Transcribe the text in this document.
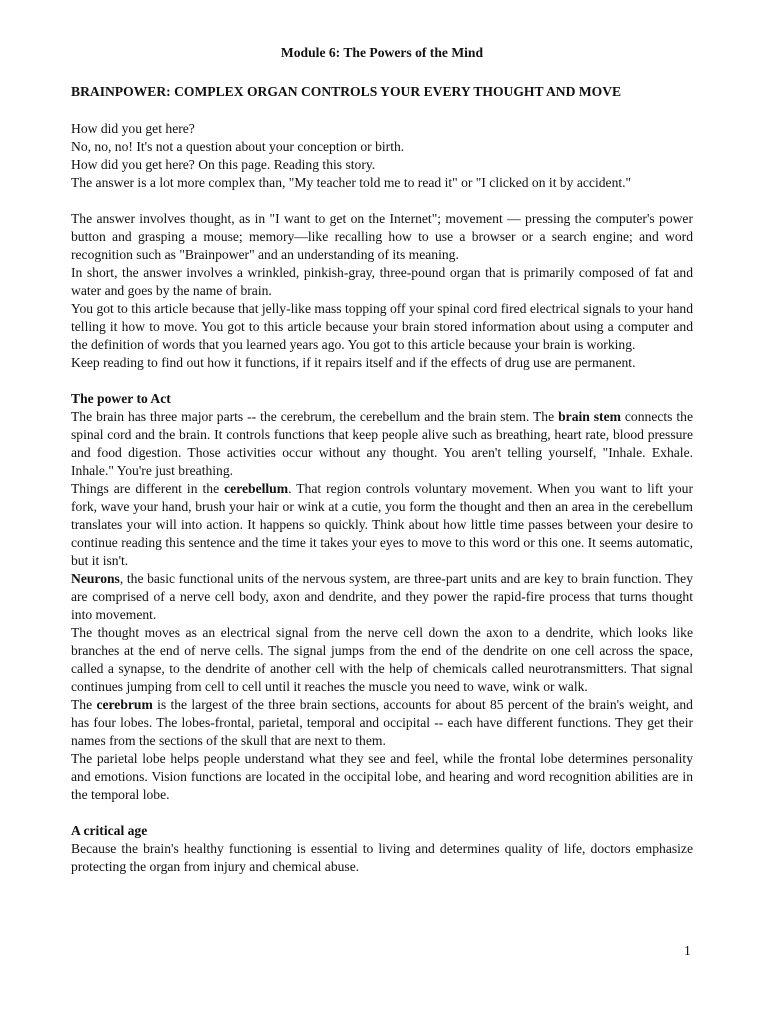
Module 6: The Powers of the Mind

BRAINPOWER: COMPLEX ORGAN CONTROLS YOUR EVERY THOUGHT AND MOVE

How did you get here?

No, no, no! It's not a question about your conception or birth.

How did you get here? On this page. Reading this story.

The answer is a lot more complex than, "My teacher told me to read it" or "I clicked on it by accident."

The answer involves thought, as in "I want to get on the Internet"; movement — pressing the computer's power button and grasping a mouse; memory—like recalling how to use a browser or a search engine; and word recognition such as "Brainpower" and an understanding of its meaning.

In short, the answer involves a wrinkled, pinkish-gray, three-pound organ that is primarily composed of fat and water and goes by the name of brain.

You got to this article because that jelly-like mass topping off your spinal cord fired electrical signals to your hand telling it how to move. You got to this article because your brain stored information about using a computer and the definition of words that you learned years ago. You got to this article because your brain is working.

Keep reading to find out how it functions, if it repairs itself and if the effects of drug use are permanent.

The power to Act

The brain has three major parts -- the cerebrum, the cerebellum and the brain stem. The brain stem connects the spinal cord and the brain. It controls functions that keep people alive such as breathing, heart rate, blood pressure and food digestion. Those activities occur without any thought. You aren't telling yourself, "Inhale. Exhale. Inhale." You're just breathing.

Things are different in the cerebellum. That region controls voluntary movement. When you want to lift your fork, wave your hand, brush your hair or wink at a cutie, you form the thought and then an area in the cerebellum translates your will into action. It happens so quickly. Think about how little time passes between your desire to continue reading this sentence and the time it takes your eyes to move to this word or this one. It seems automatic, but it isn't.

Neurons, the basic functional units of the nervous system, are three-part units and are key to brain function. They are comprised of a nerve cell body, axon and dendrite, and they power the rapid-fire process that turns thought into movement.

The thought moves as an electrical signal from the nerve cell down the axon to a dendrite, which looks like branches at the end of nerve cells. The signal jumps from the end of the dendrite on one cell across the space, called a synapse, to the dendrite of another cell with the help of chemicals called neurotransmitters. That signal continues jumping from cell to cell until it reaches the muscle you need to wave, wink or walk.

The cerebrum is the largest of the three brain sections, accounts for about 85 percent of the brain's weight, and has four lobes. The lobes-frontal, parietal, temporal and occipital -- each have different functions. They get their names from the sections of the skull that are next to them.

The parietal lobe helps people understand what they see and feel, while the frontal lobe determines personality and emotions. Vision functions are located in the occipital lobe, and hearing and word recognition abilities are in the temporal lobe.

A critical age

Because the brain's healthy functioning is essential to living and determines quality of life, doctors emphasize protecting the organ from injury and chemical abuse.

1
